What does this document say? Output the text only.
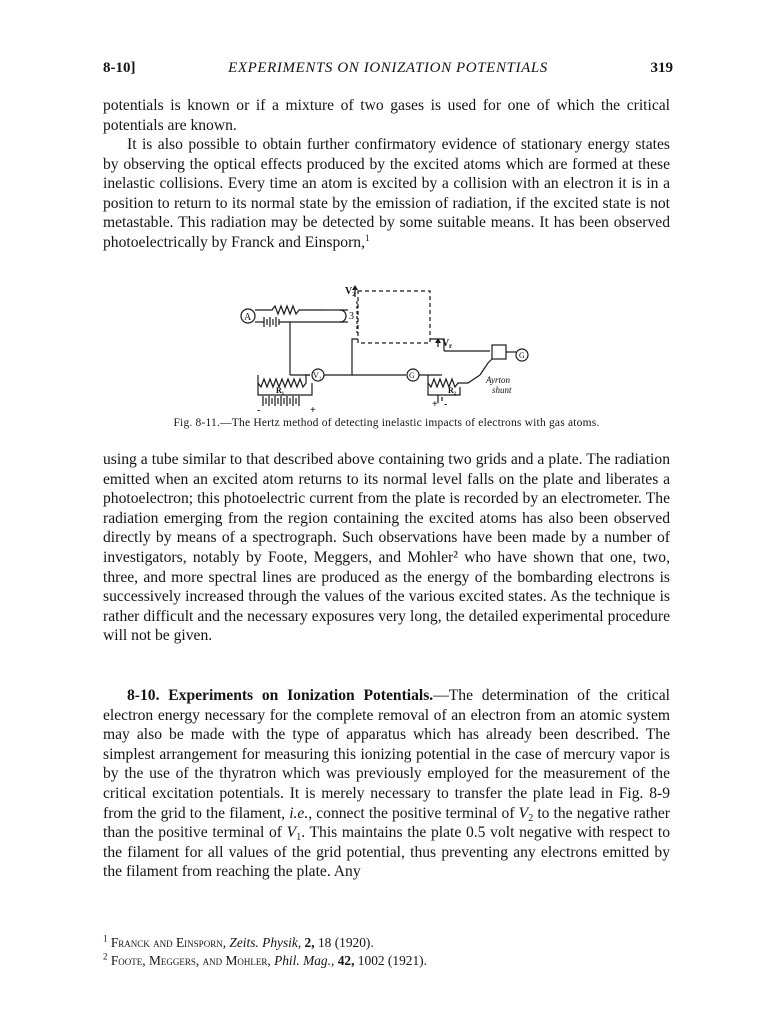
8-10]	EXPERIMENTS ON IONIZATION POTENTIALS	319

potentials is known or if a mixture of two gases is used for one of which the critical potentials are known.

It is also possible to obtain further confirmatory evidence of stationary energy states by observing the optical effects produced by the excited atoms which are formed at these inelastic collisions. Every time an atom is excited by a collision with an electron it is in a position to return to its normal state by the emission of radiation, if the excited state is not metastable. This radiation may be detected by some suitable means. It has been observed photoelectrically by Franck and Einsporn,$^1$

A
V₂
3
V r
V₁	G
R₁	R₂
G
Ayrton
shunt
-	+
+ -
Fig. 8-11.—The Hertz method of detecting inelastic impacts of electrons with gas atoms.

using a tube similar to that described above containing two grids and a plate. The radiation emitted when an excited atom returns to its normal level falls on the plate and liberates a photoelectron; this photoelectric current from the plate is recorded by an electrometer. The radiation emerging from the region containing the excited atoms has also been observed directly by means of a spectrograph. Such observations have been made by a number of investigators, notably by Foote, Meggers, and Mohler² who have shown that one, two, three, and more spectral lines are produced as the energy of the bombarding electrons is successively increased through the values of the various excited states. As the technique is rather difficult and the necessary exposures very long, the detailed experimental procedure will not be given.

8-10. Experiments on Ionization Potentials.—The determination of the critical electron energy necessary for the complete removal of an electron from an atomic system may also be made with the type of apparatus which has already been described. The simplest arrangement for measuring this ionizing potential in the case of mercury vapor is by the use of the thyratron which was previously employed for the measurement of the critical excitation potentials. It is merely necessary to transfer the plate lead in Fig. 8-9 from the grid to the filament, i.e., connect the positive terminal of $V_2$ to the negative rather than the positive terminal of $V_1$. This maintains the plate 0.5 volt negative with respect to the filament for all values of the grid potential, thus preventing any electrons emitted by the filament from reaching the plate. Any

$^1$ Franck and Einsporn, Zeits. Physik, 2, 18 (1920).
$^2$ Foote, Meggers, and Mohler, Phil. Mag., 42, 1002 (1921).
